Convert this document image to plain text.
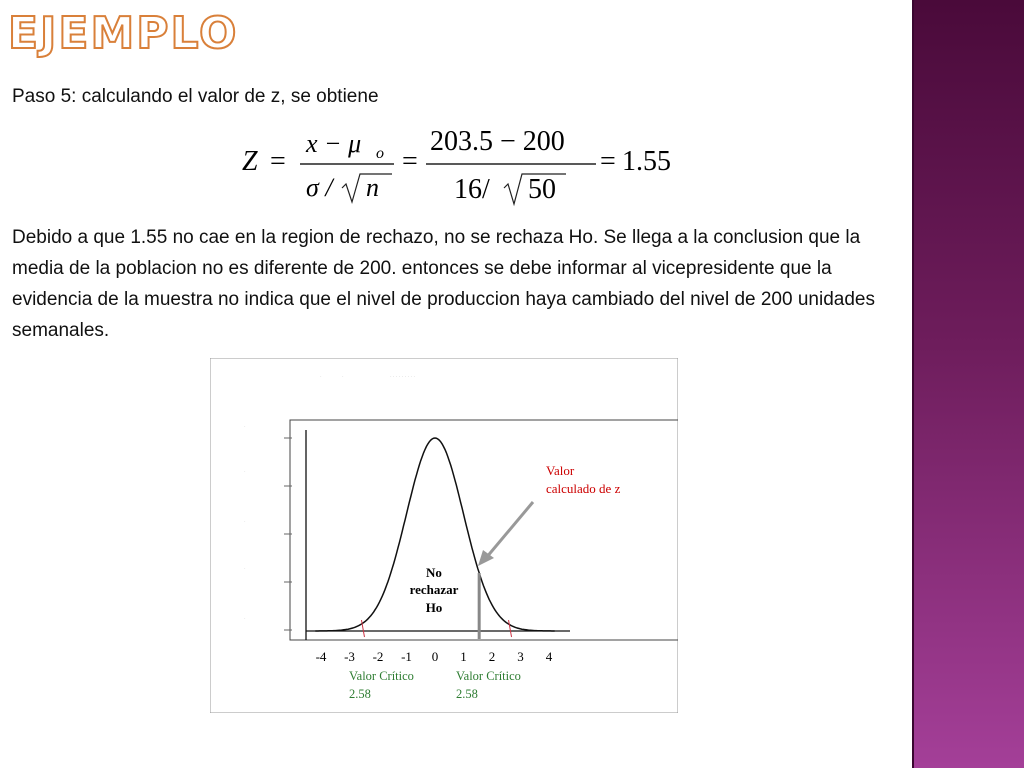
EJEMPLO
Paso 5: calculando el valor de z, se obtiene
Z =
x − μ o
σ / n
=
203.5 − 200
16/ 50
= 1.55
Debido a que 1.55 no cae en la region de rechazo, no se rechaza Ho. Se llega a la conclusion que la media de la poblacion no es diferente de 200. entonces se debe informar al vicepresidente que la evidencia de la muestra no indica que el nivel de produccion haya cambiado del nivel de 200 unidades semanales.
·	·	· · · · · · · · ·
·
·
·
·
·
-4 -3 -2 -1 0 1 2 3 4
No
rechazar
Ho
Valor
calculado de z
Valor Crítico
2.58
Valor Crítico
2.58
